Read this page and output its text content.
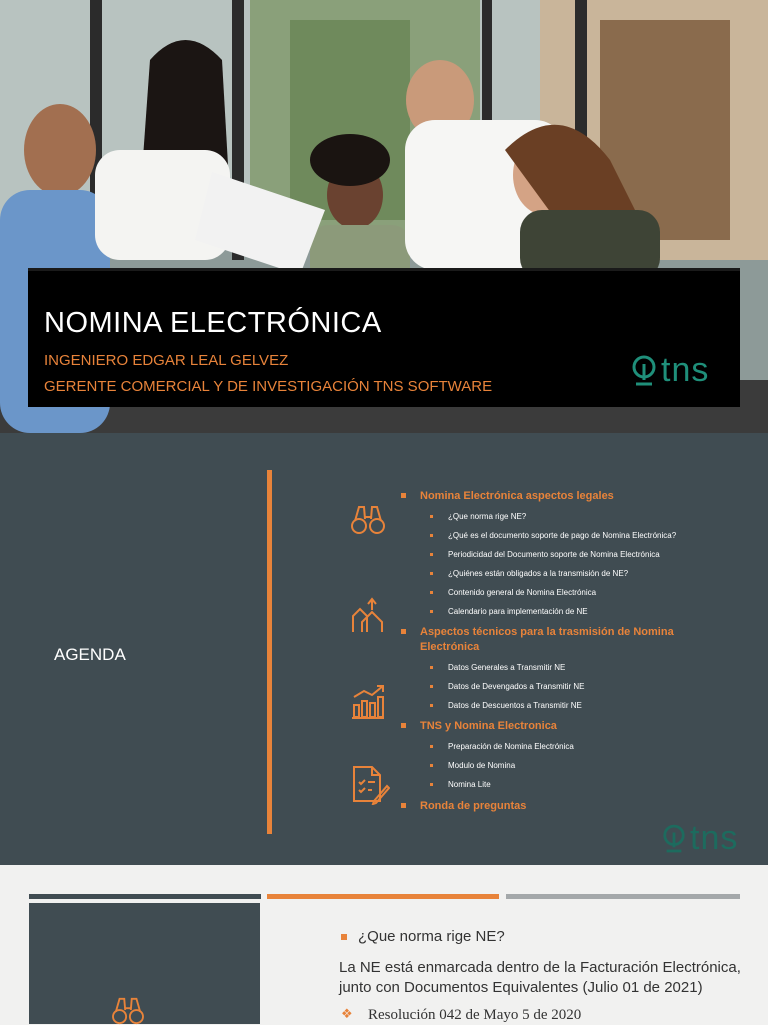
NOMINA ELECTRÓNICA
INGENIERO EDGAR LEAL GELVEZ
GERENTE COMERCIAL Y DE INVESTIGACIÓN TNS SOFTWARE	tns
AGENDA
Nomina Electrónica aspectos legales
¿Que norma rige NE?
¿Qué es el documento soporte de pago de Nomina Electrónica?
Periodicidad del Documento soporte de Nomina Electrónica
¿Quiénes están obligados a la transmisión de NE?
Contenido general de Nomina Electrónica
Calendario para implementación de NE
Aspectos técnicos para la trasmisión de Nomina Electrónica
Datos Generales a Transmitir NE
Datos de Devengados a Transmitir NE
Datos de Descuentos a Transmitir NE
TNS y Nomina Electronica
Preparación de Nomina Electrónica
Modulo de Nomina
Nomina Lite
Ronda de preguntas
tns
¿Que norma rige NE?
La NE está enmarcada dentro de la Facturación Electrónica,
junto con Documentos Equivalentes (Julio 01 de 2021)
❖ Resolución 042 de Mayo 5 de 2020
